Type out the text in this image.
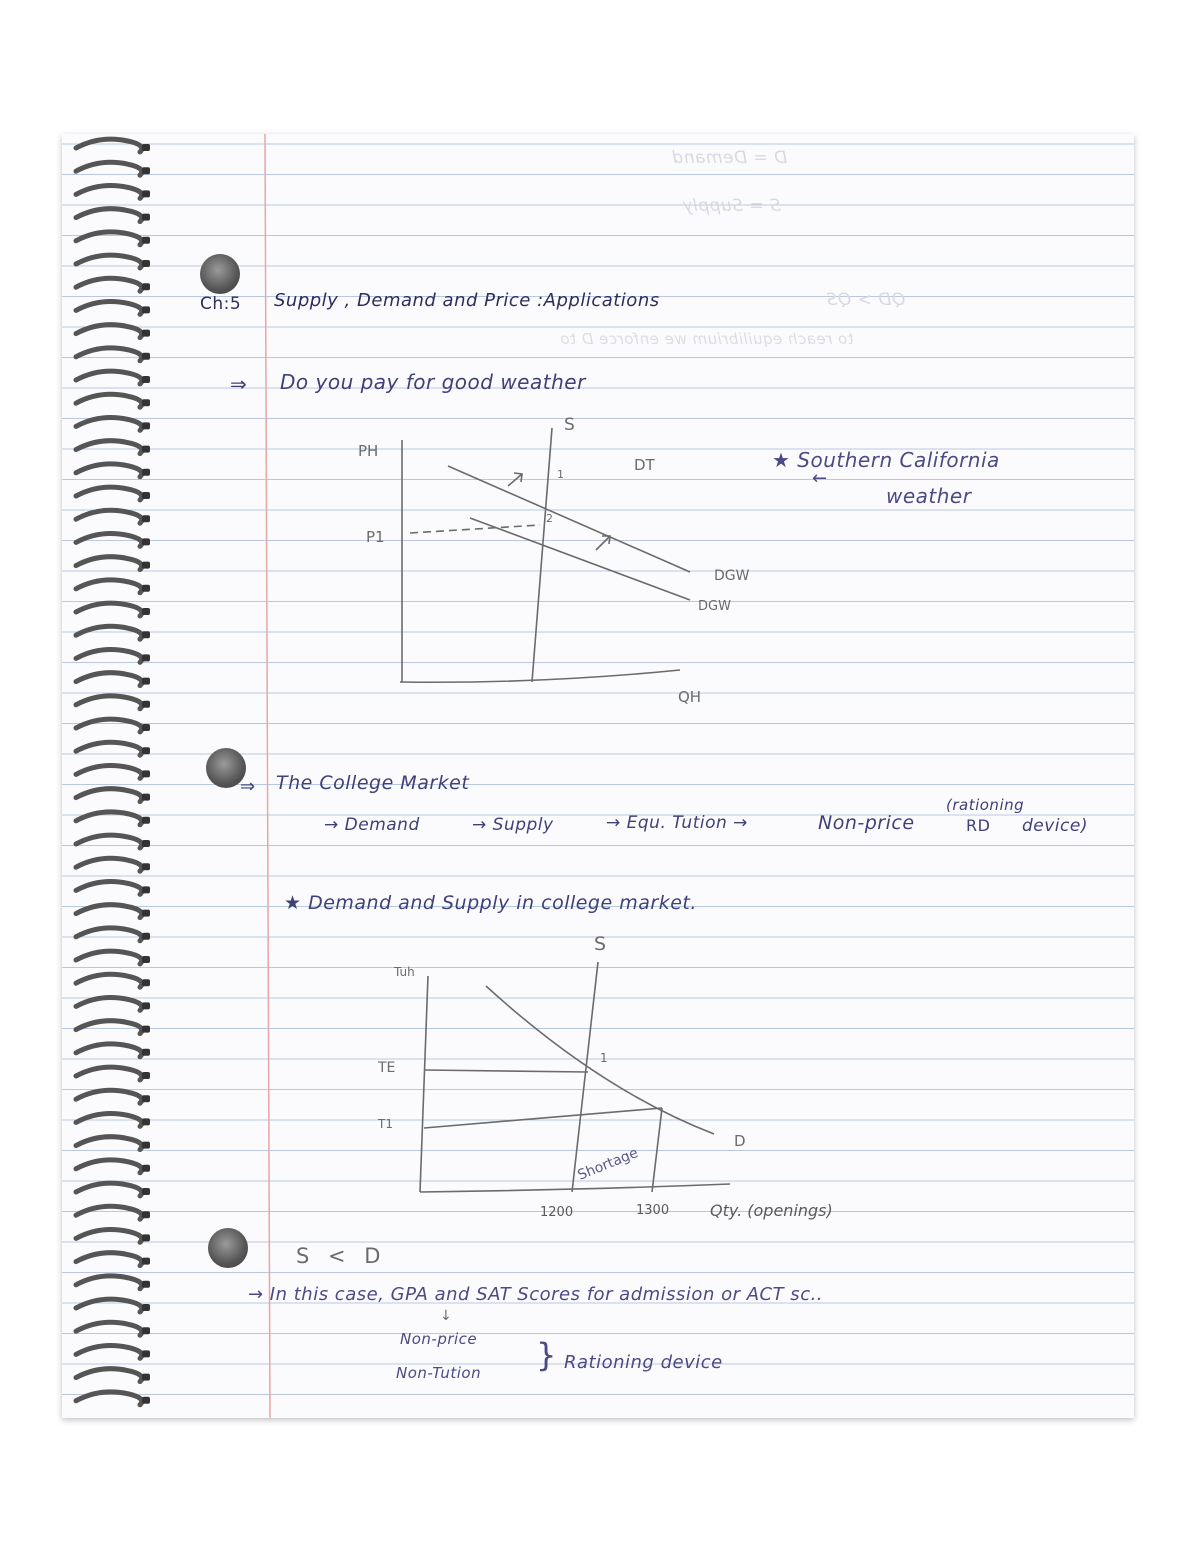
D = Demand
S = Supply
QD > QS
to reach equilibrium we enforce D to
Ch:5 Supply , Demand and Price :Applications
⇒ Do you pay for good weather
★ Southern California
←
weather
PH
P1
S
1
2
DT
DGW
DGW
QH
⇒ The College Market
→ Demand	→ Supply	→ Equ. Tution →	Non-price	RD
(rationing
device)
★ Demand and Supply in college market.
Tuh
TE
T1
S
1
D
Shortage
1200	1300	Qty. (openings)
S < D
→ In this case, GPA and SAT Scores for admission or ACT sc..
↓
Non-price
Non-Tution } Rationing device
